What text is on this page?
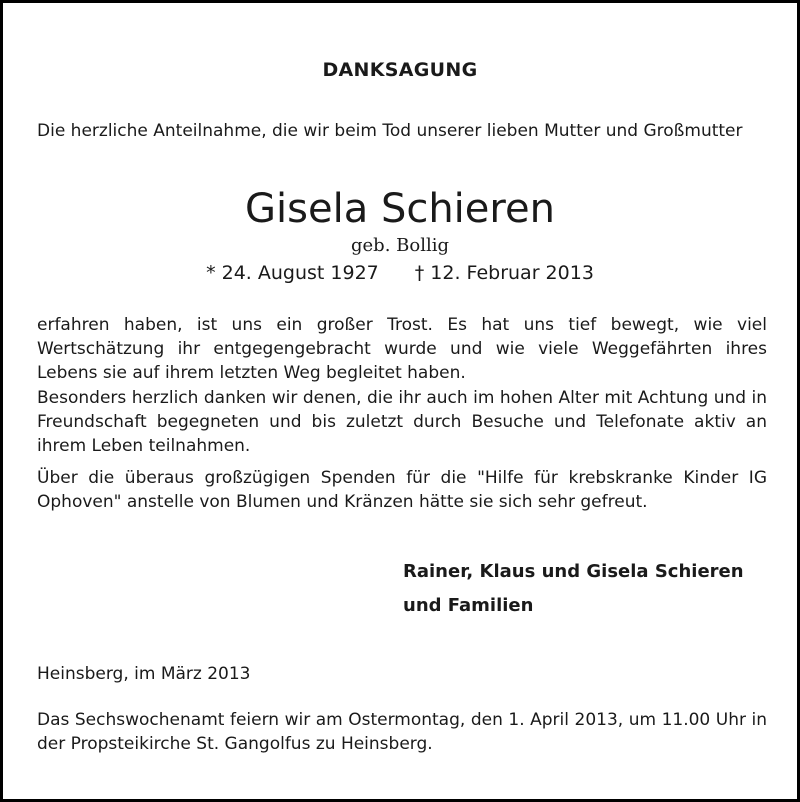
DANKSAGUNG
Die herzliche Anteilnahme, die wir beim Tod unserer lieben Mutter und Großmutter
Gisela Schieren
geb. Bollig
* 24. August 1927 † 12. Februar 2013
erfahren haben, ist uns ein großer Trost. Es hat uns tief bewegt, wie viel Wertschätzung ihr entgegengebracht wurde und wie viele Weggefährten ihres Lebens sie auf ihrem letzten Weg begleitet haben.
Besonders herzlich danken wir denen, die ihr auch im hohen Alter mit Achtung und in Freundschaft begegneten und bis zuletzt durch Besuche und Telefonate aktiv an ihrem Leben teilnahmen.
Über die überaus großzügigen Spenden für die "Hilfe für krebskranke Kinder IG Ophoven" anstelle von Blumen und Kränzen hätte sie sich sehr gefreut.
Rainer, Klaus und Gisela Schieren
und Familien
Heinsberg, im März 2013
Das Sechswochenamt feiern wir am Ostermontag, den 1. April 2013, um 11.00 Uhr in der Propsteikirche St. Gangolfus zu Heinsberg.
